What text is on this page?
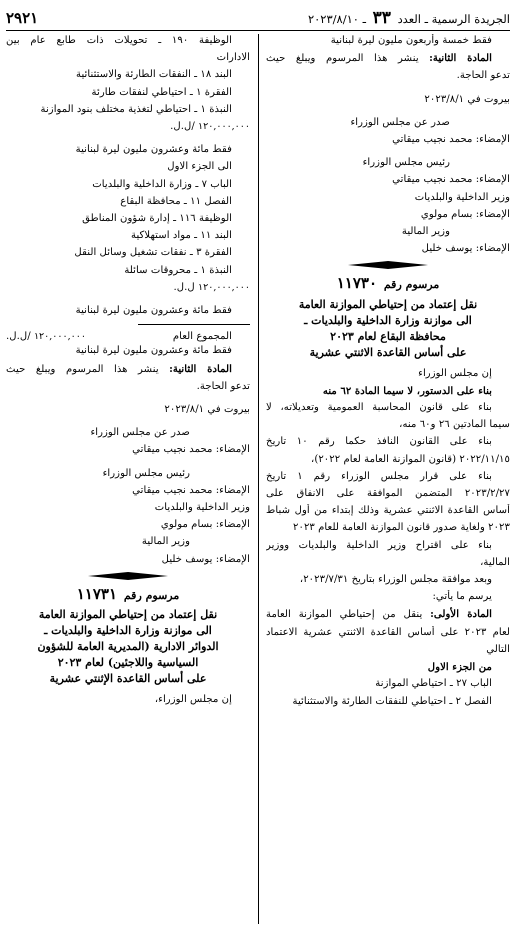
الجريدة الرسمية ـ العدد ٣٣ ـ ٢٠٢٣/٨/١٠
٢٩٢١

فقط خمسة وأربعون مليون ليرة لبنانية

المادة الثانية: ينشر هذا المرسوم ويبلغ حيث

تدعو الحاجة.

بيروت في ٢٠٢٣/٨/١

صدر عن مجلس الوزراء

الإمضاء: محمد نجيب ميقاتي

رئيس مجلس الوزراء

الإمضاء: محمد نجيب ميقاتي

وزير الداخلية والبلديات

الإمضاء: بسام مولوي

وزير المالية

الإمضاء: يوسف خليل

مرسوم رقم ١١٧٣٠

نقل إعتماد من إحتياطي الموازنة العامة

الى موازنة وزارة الداخلية والبلديات ـ

محافظة البقاع لعام ٢٠٢٣

على أساس القاعدة الاثنتي عشرية

إن مجلس الوزراء

بناء على الدستور، لا سيما المادة ٦٢ منه

بناء على قانون المحاسبة العمومية وتعديلاته، لا

سيما المادتين ٢٦ و٦٠ منه،

بناء على القانون النافذ حكما رقم ١٠ تاريخ

٢٠٢٢/١١/١٥ (قانون الموازنة العامة لعام ٢٠٢٢)،

بناء على قرار مجلس الوزراء رقم ١ تاريخ

٢٠٢٣/٢/٢٧ المتضمن الموافقة على الانفاق على

أساس القاعدة الاثنتي عشرية وذلك إبتداء من أول شباط

٢٠٢٣ ولغاية صدور قانون الموازنة العامة للعام ٢٠٢٣

بناء على اقتراح وزير الداخلية والبلديات ووزير

المالية،

وبعد موافقة مجلس الوزراء بتاريخ ٢٠٢٣/٧/٣١،

يرسم ما يأتي:

المادة الأولى: ينقل من إحتياطي الموازنة العامة

لعام ٢٠٢٣ على أساس القاعدة الاثنتي عشرية الاعتماد

التالي

من الجزء الاول

الباب ٢٧ ـ احتياطي الموازنة

الفصل ٢ ـ احتياطي للنفقات الطارئة والاستثنائية

الوظيفة ١٩٠ ـ تحويلات ذات طابع عام بين

الادارات

البند ١٨ ـ النفقات الطارئة والاستثنائية

الفقرة ١ ـ احتياطي لنفقات طارئة

النبذة ١ ـ احتياطي لتغذية مختلف بنود الموازنة

١٢٠,٠٠٠,٠٠٠ /ل.ل.

فقط مائة وعشرون مليون ليرة لبنانية

الى الجزء الاول

الباب ٧ ـ وزارة الداخلية والبلديات

الفصل ١١ ـ محافظة البقاع

الوظيفة ١١٦ ـ إدارة شؤون المناطق

البند ١١ ـ مواد استهلاكية

الفقرة ٣ ـ نفقات تشغيل وسائل النقل

النبذة ١ ـ محروقات سائلة

١٢٠,٠٠٠,٠٠٠ ل.ل.

فقط مائة وعشرون مليون ليرة لبنانية

المجموع العام
١٢٠,٠٠٠,٠٠٠ /ل.ل.

فقط مائة وعشرون مليون ليرة لبنانية

المادة الثانية: ينشر هذا المرسوم ويبلغ حيث

تدعو الحاجة.

بيروت في ٢٠٢٣/٨/١

صدر عن مجلس الوزراء

الإمضاء: محمد نجيب ميقاتي

رئيس مجلس الوزراء

الإمضاء: محمد نجيب ميقاتي

وزير الداخلية والبلديات

الإمضاء: بسام مولوي

وزير المالية

الإمضاء: يوسف خليل

مرسوم رقم ١١٧٣١

نقل إعتماد من إحتياطي الموازنة العامة

الى موازنة وزارة الداخلية والبلديات ـ

الدوائر الادارية (المديرية العامة للشؤون

السياسية واللاجئين) لعام ٢٠٢٣

على أساس القاعدة الإثنتي عشرية

إن مجلس الوزراء،
